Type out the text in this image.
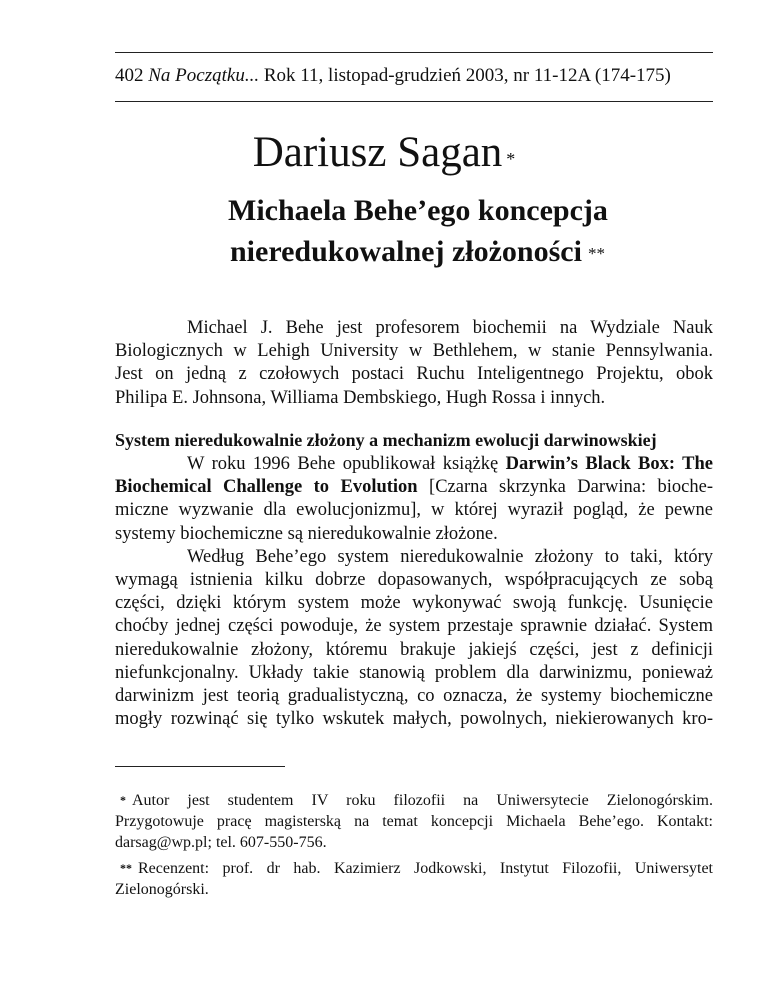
402 Na Początku... Rok 11, listopad-grudzień 2003, nr 11-12A (174-175)
Dariusz Sagan *
Michaela Behe’ego koncepcja
nieredukowalnej złożoności **
Michael J. Behe jest profesorem biochemii na Wydziale Nauk
Biologicznych w Lehigh University w Bethlehem, w stanie Pennsylwania.
Jest on jedną z czołowych postaci Ruchu Inteligentnego Projektu, obok
Philipa E. Johnsona, Williama Dembskiego, Hugh Rossa i innych.
System nieredukowalnie złożony a mechanizm ewolucji darwinowskiej
W roku 1996 Behe opublikował książkę Darwin’s Black Box: The
Biochemical Challenge to Evolution [Czarna skrzynka Darwina: bioche-
miczne wyzwanie dla ewolucjonizmu], w której wyraził pogląd, że pewne
systemy biochemiczne są nieredukowalnie złożone.
Według Behe’ego system nieredukowalnie złożony to taki, który
wymagą istnienia kilku dobrze dopasowanych, współpracujących ze sobą
części, dzięki którym system może wykonywać swoją funkcję. Usunięcie
choćby jednej części powoduje, że system przestaje sprawnie działać. System
nieredukowalnie złożony, któremu brakuje jakiejś części, jest z definicji
niefunkcjonalny. Układy takie stanowią problem dla darwinizmu, ponieważ
darwinizm jest teorią gradualistyczną, co oznacza, że systemy biochemiczne
mogły rozwinąć się tylko wskutek małych, powolnych, niekierowanych kro-
* Autor jest studentem IV roku filozofii na Uniwersytecie Zielonogórskim.
Przygotowuje pracę magisterską na temat koncepcji Michaela Behe’ego. Kontakt:
darsag@wp.pl; tel. 607-550-756.
** Recenzent: prof. dr hab. Kazimierz Jodkowski, Instytut Filozofii, Uniwersytet
Zielonogórski.
